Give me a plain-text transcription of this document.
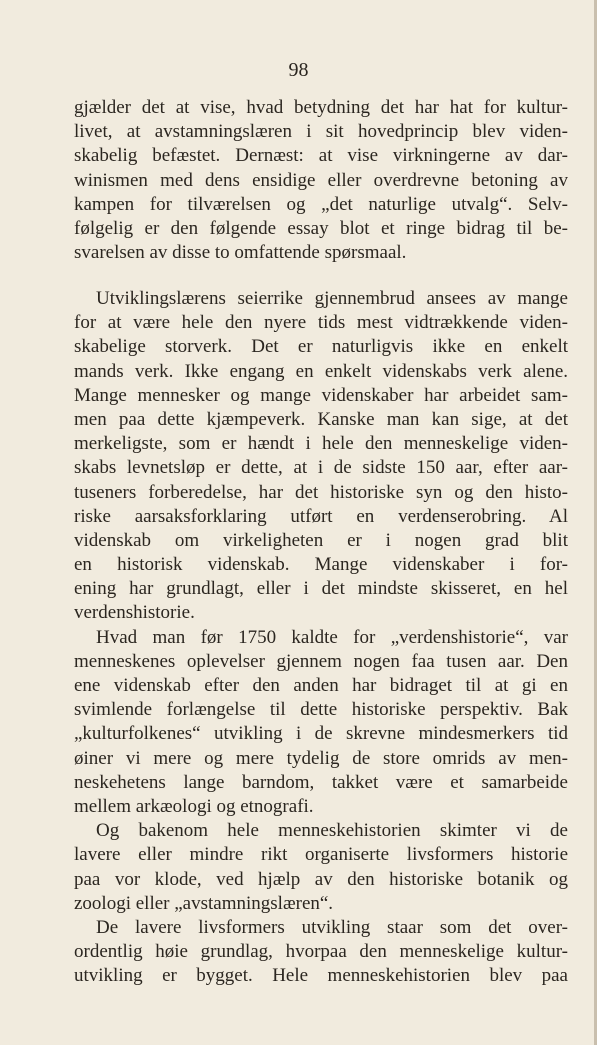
98
gjælder det at vise, hvad betydning det har hat for kultur-
livet, at avstamningslæren i sit hovedprincip blev viden-
skabelig befæstet. Dernæst: at vise virkningerne av dar-
winismen med dens ensidige eller overdrevne betoning av
kampen for tilværelsen og „det naturlige utvalg“. Selv-
følgelig er den følgende essay blot et ringe bidrag til be-
svarelsen av disse to omfattende spørsmaal.
Utviklingslærens seierrike gjennembrud ansees av mange
for at være hele den nyere tids mest vidtrækkende viden-
skabelige storverk. Det er naturligvis ikke en enkelt
mands verk. Ikke engang en enkelt videnskabs verk alene.
Mange mennesker og mange videnskaber har arbeidet sam-
men paa dette kjæmpeverk. Kanske man kan sige, at det
merkeligste, som er hændt i hele den menneskelige viden-
skabs levnetsløp er dette, at i de sidste 150 aar, efter aar-
tuseners forberedelse, har det historiske syn og den histo-
riske aarsaksforklaring utført en verdenserobring. Al
videnskab om virkeligheten er i nogen grad blit
en historisk videnskab. Mange videnskaber i for-
ening har grundlagt, eller i det mindste skisseret, en hel
verdenshistorie.
Hvad man før 1750 kaldte for „verdenshistorie“, var
menneskenes oplevelser gjennem nogen faa tusen aar. Den
ene videnskab efter den anden har bidraget til at gi en
svimlende forlængelse til dette historiske perspektiv. Bak
„kulturfolkenes“ utvikling i de skrevne mindesmerkers tid
øiner vi mere og mere tydelig de store omrids av men-
neskehetens lange barndom, takket være et samarbeide
mellem arkæologi og etnografi.
Og bakenom hele menneskehistorien skimter vi de
lavere eller mindre rikt organiserte livsformers historie
paa vor klode, ved hjælp av den historiske botanik og
zoologi eller „avstamningslæren“.
De lavere livsformers utvikling staar som det over-
ordentlig høie grundlag, hvorpaa den menneskelige kultur-
utvikling er bygget. Hele menneskehistorien blev paa
